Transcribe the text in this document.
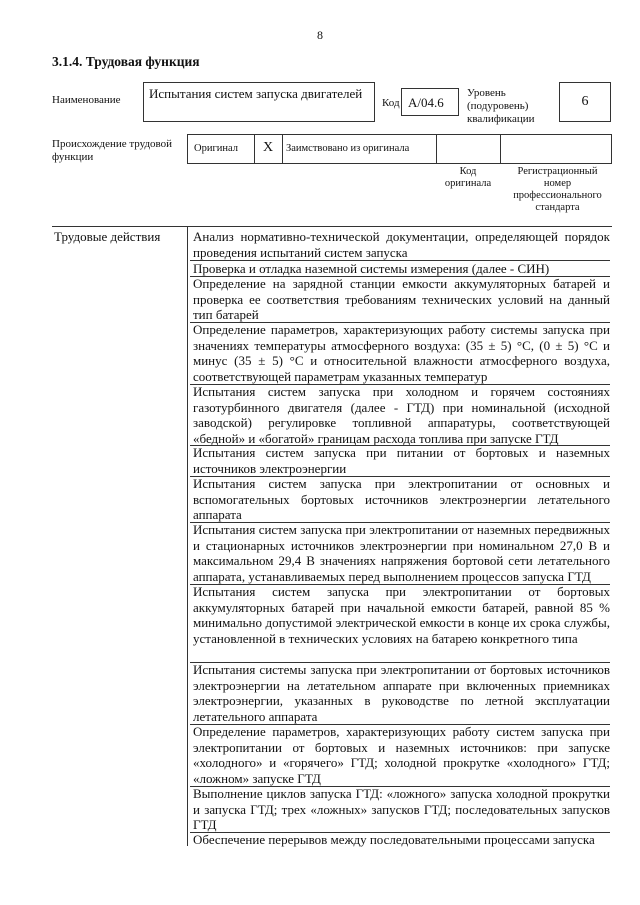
8
3.1.4. Трудовая функция
Наименование Испытания систем запуска двигателей
Код A/04.6
Уровень
(подуровень)
квалификации
6
Происхождение трудовой
функции
Оригинал	X	Заимствовано из оригинала
Код
оригинала
Регистрационный
номер
профессионального
стандарта
Трудовые действия	Анализ нормативно-технической документации, определяющей порядок проведения испытаний систем запуска
Проверка и отладка наземной системы измерения (далее - СИН)
Определение на зарядной станции емкости аккумуляторных батарей и проверка ее соответствия требованиям технических условий на данный тип батарей
Определение параметров, характеризующих работу системы запуска при значениях температуры атмосферного воздуха: (35 ± 5) °С, (0 ± 5) °С и минус (35 ± 5) °С и относительной влажности атмосферного воздуха, соответствующей параметрам указанных температур
Испытания систем запуска при холодном и горячем состояниях газотурбинного двигателя (далее - ГТД) при номинальной (исходной заводской) регулировке топливной аппаратуры, соответствующей «бедной» и «богатой» границам расхода топлива при запуске ГТД
Испытания систем запуска при питании от бортовых и наземных источников электроэнергии
Испытания систем запуска при электропитании от основных и вспомогательных бортовых источников электроэнергии летательного аппарата
Испытания систем запуска при электропитании от наземных передвижных и стационарных источников электроэнергии при номинальном 27,0 В и максимальном 29,4 В значениях напряжения бортовой сети летательного аппарата, устанавливаемых перед выполнением процессов запуска ГТД
Испытания систем запуска при электропитании от бортовых аккумуляторных батарей при начальной емкости батарей, равной 85 % минимально допустимой электрической емкости в конце их срока службы, установленной в технических условиях на батарею конкретного типа
Испытания системы запуска при электропитании от бортовых источников электроэнергии на летательном аппарате при включенных приемниках электроэнергии, указанных в руководстве по летной эксплуатации летательного аппарата
Определение параметров, характеризующих работу систем запуска при электропитании от бортовых и наземных источников: при запуске «холодного» и «горячего» ГТД; холодной прокрутке «холодного» ГТД; «ложном» запуске ГТД
Выполнение циклов запуска ГТД: «ложного» запуска холодной прокрутки и запуска ГТД; трех «ложных» запусков ГТД; последовательных запусков ГТД
Обеспечение перерывов между последовательными процессами запуска
